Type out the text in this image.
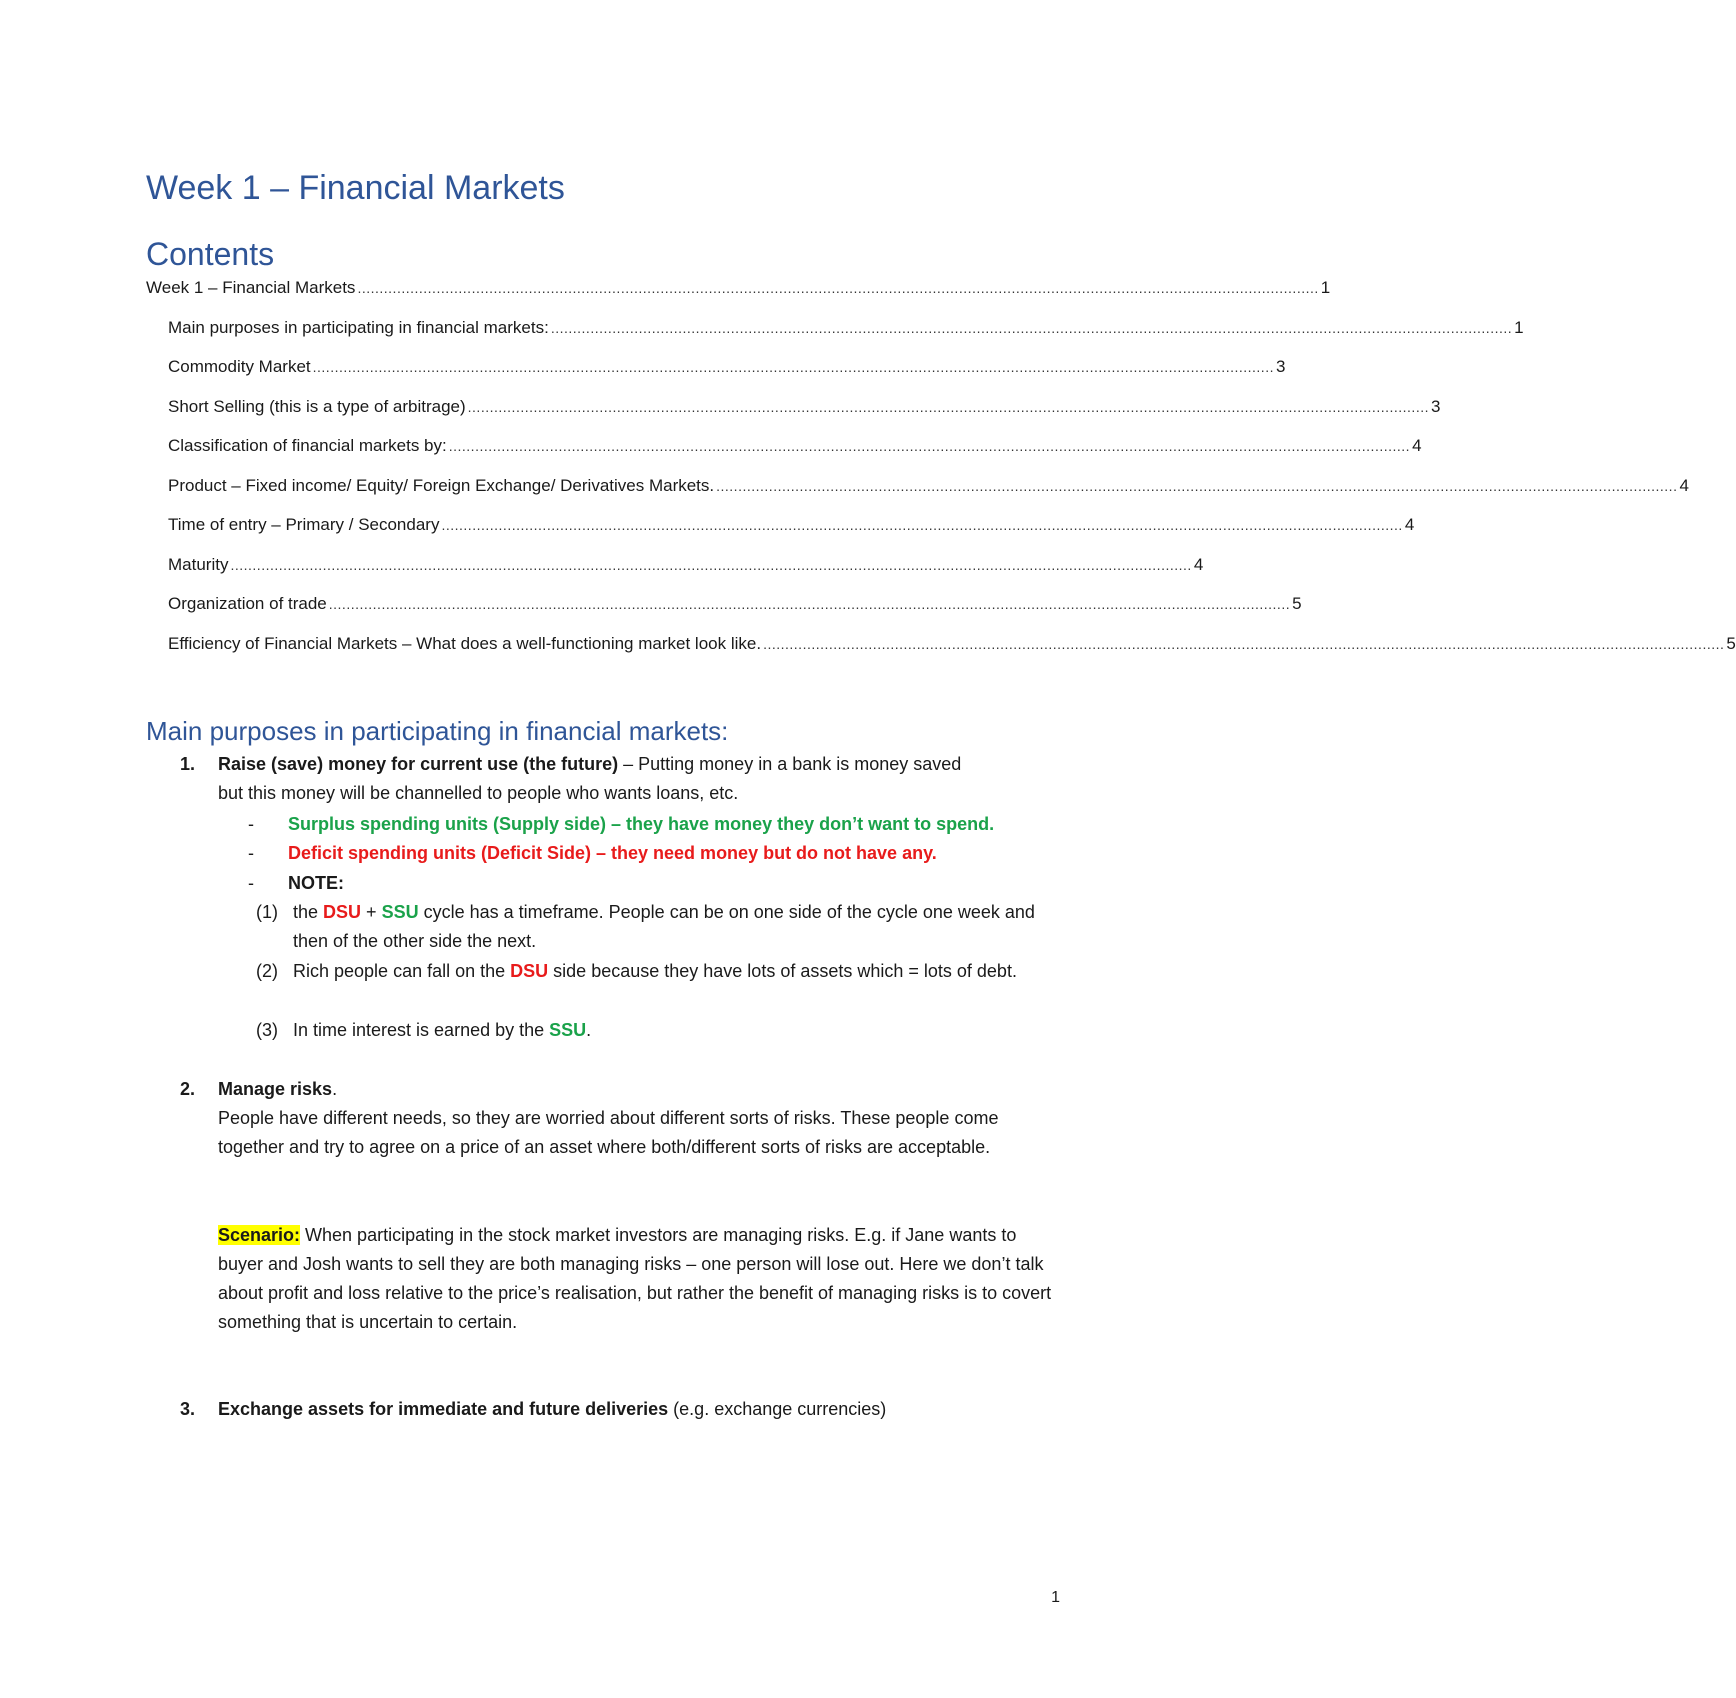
Week 1 – Financial Markets
Contents
Week 1 – Financial Markets ........................................................................................................................................................................................................................... 1
Main purposes in participating in financial markets: ........................................................................................................................................................................................................................... 1
Commodity Market ........................................................................................................................................................................................................................... 3
Short Selling (this is a type of arbitrage) ........................................................................................................................................................................................................................... 3
Classification of financial markets by: ........................................................................................................................................................................................................................... 4
Product – Fixed income/ Equity/ Foreign Exchange/ Derivatives Markets. ........................................................................................................................................................................................................................... 4
Time of entry – Primary / Secondary ........................................................................................................................................................................................................................... 4
Maturity ........................................................................................................................................................................................................................... 4
Organization of trade ........................................................................................................................................................................................................................... 5
Efficiency of Financial Markets – What does a well-functioning market look like. ........................................................................................................................................................................................................................... 5
Main purposes in participating in financial markets:
1. Raise (save) money for current use (the future) – Putting money in a bank is money saved
but this money will be channelled to people who wants loans, etc.
- Surplus spending units (Supply side) – they have money they don’t want to spend.
- Deficit spending units (Deficit Side) – they need money but do not have any.
- NOTE:
(1) the DSU + SSU cycle has a timeframe. People can be on one side of the cycle one week and then of the other side the next.
(2) Rich people can fall on the DSU side because they have lots of assets which = lots of debt.
(3) In time interest is earned by the SSU.
2. Manage risks.
People have different needs, so they are worried about different sorts of risks. These people come together and try to agree on a price of an asset where both/different sorts of risks are acceptable.
Scenario: When participating in the stock market investors are managing risks. E.g. if Jane wants to buyer and Josh wants to sell they are both managing risks – one person will lose out. Here we don’t talk about profit and loss relative to the price’s realisation, but rather the benefit of managing risks is to covert something that is uncertain to certain.
3. Exchange assets for immediate and future deliveries (e.g. exchange currencies)
1
